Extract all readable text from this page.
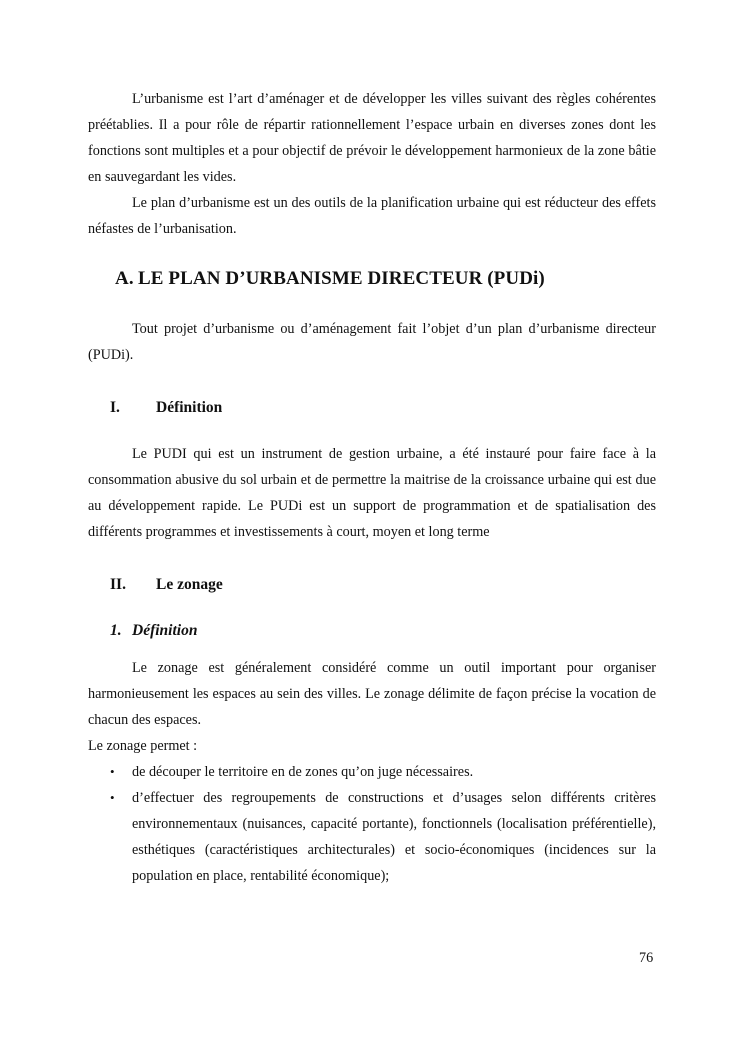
L’urbanisme est l’art d’aménager et de développer les villes suivant des règles cohérentes préétablies. Il a pour rôle de répartir rationnellement l’espace urbain en diverses zones dont les fonctions sont multiples et a pour objectif de prévoir le développement harmonieux de la zone bâtie en sauvegardant les vides.

Le plan d’urbanisme est un des outils de la planification urbaine qui est réducteur des effets néfastes de l’urbanisation.

A. LE PLAN D’URBANISME DIRECTEUR (PUDi)

Tout projet d’urbanisme ou d’aménagement fait l’objet d’un plan d’urbanisme directeur (PUDi).

I. Définition

Le PUDI qui est un instrument de gestion urbaine, a été instauré pour faire face à la consommation abusive du sol urbain et de permettre la maitrise de la croissance urbaine qui est due au développement rapide. Le PUDi est un support de programmation et de spatialisation des différents programmes et investissements à court, moyen et long terme

II. Le zonage
1. Définition

Le zonage est généralement considéré comme un outil important pour organiser harmonieusement les espaces au sein des villes. Le zonage délimite de façon précise la vocation de chacun des espaces.

Le zonage permet :

• de découper le territoire en de zones qu’on juge nécessaires.
• d’effectuer des regroupements de constructions et d’usages selon différents critères environnementaux (nuisances, capacité portante), fonctionnels (localisation préférentielle), esthétiques (caractéristiques architecturales) et socio-économiques (incidences sur la population en place, rentabilité économique);
76
